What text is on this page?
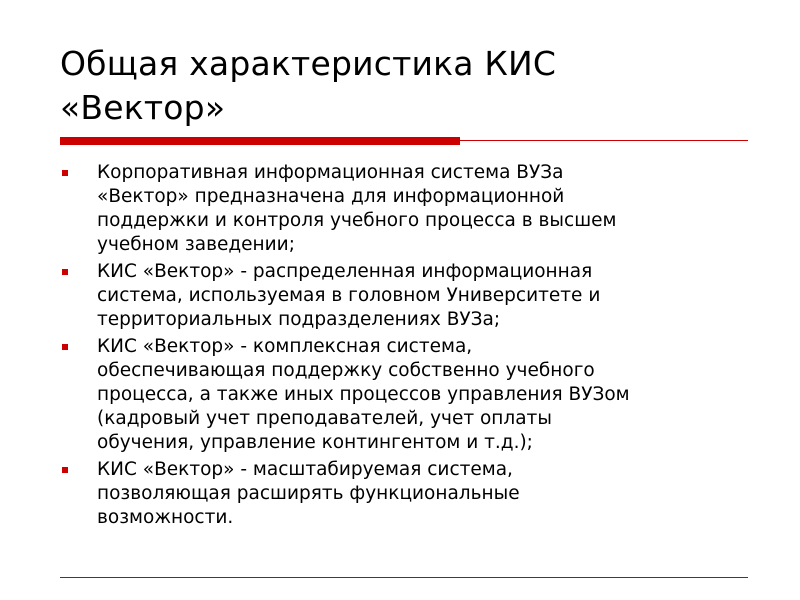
Общая характеристика КИС
«Вектор»
Корпоративная информационная система ВУЗа
«Вектор» предназначена для информационной
поддержки и контроля учебного процесса в высшем
учебном заведении;
КИС «Вектор» - распределенная информационная
система, используемая в головном Университете и
территориальных подразделениях ВУЗа;
КИС «Вектор» - комплексная система,
обеспечивающая поддержку собственно учебного
процесса, а также иных процессов управления ВУЗом
(кадровый учет преподавателей, учет оплаты
обучения, управление контингентом и т.д.);
КИС «Вектор» - масштабируемая система,
позволяющая расширять функциональные
возможности.
